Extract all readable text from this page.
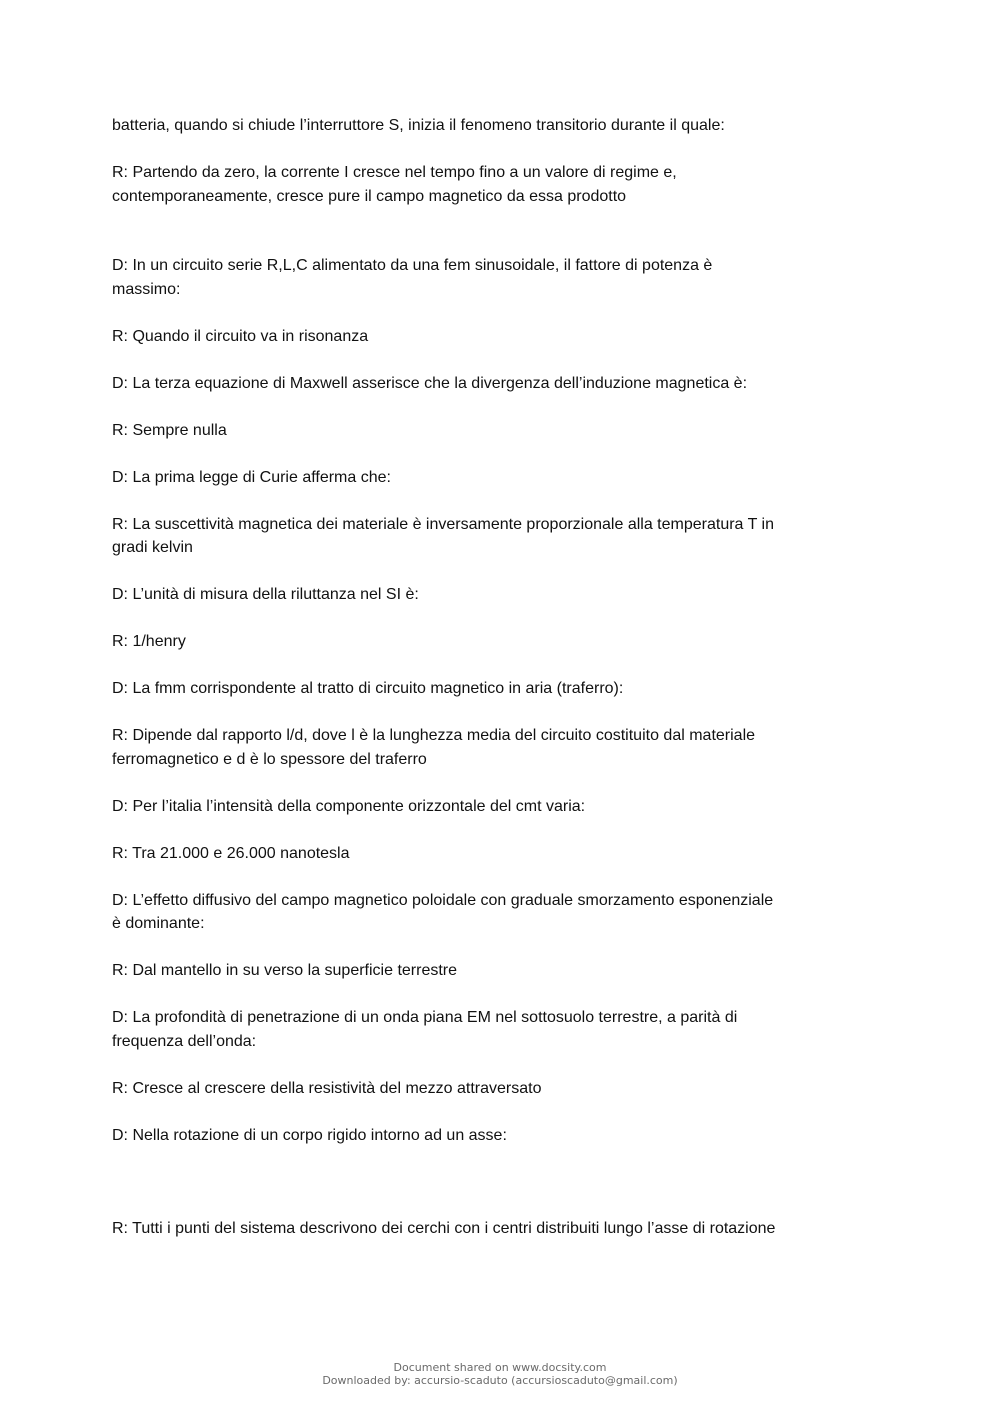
batteria, quando si chiude l’interruttore S, inizia il fenomeno transitorio durante il quale:

R: Partendo da zero, la corrente I cresce nel tempo fino a un valore di regime e, contemporaneamente, cresce pure il campo magnetico da essa prodotto

D: In un circuito serie R,L,C alimentato da una fem sinusoidale, il fattore di potenza è massimo:

R: Quando il circuito va in risonanza

D: La terza equazione di Maxwell asserisce che la divergenza dell’induzione magnetica è:

R: Sempre nulla

D: La prima legge di Curie afferma che:

R: La suscettività magnetica dei materiale è inversamente proporzionale alla temperatura T in gradi kelvin

D: L’unità di misura della riluttanza nel SI è:

R: 1/henry

D: La fmm corrispondente al tratto di circuito magnetico in aria (traferro):

R: Dipende dal rapporto l/d, dove l è la lunghezza media del circuito costituito dal materiale ferromagnetico e d è lo spessore del traferro

D: Per l’italia l’intensità della componente orizzontale del cmt varia:

R: Tra 21.000 e 26.000 nanotesla

D: L’effetto diffusivo del campo magnetico poloidale con graduale smorzamento esponenziale è dominante:

R: Dal mantello in su verso la superficie terrestre

D: La profondità di penetrazione di un onda piana EM nel sottosuolo terrestre, a parità di frequenza dell’onda:

R: Cresce al crescere della resistività del mezzo attraversato

D: Nella rotazione di un corpo rigido intorno ad un asse:

R: Tutti i punti del sistema descrivono dei cerchi con i centri distribuiti lungo l’asse di rotazione

Document shared on www.docsity.com
Downloaded by: accursio-scaduto (accursioscaduto@gmail.com)
